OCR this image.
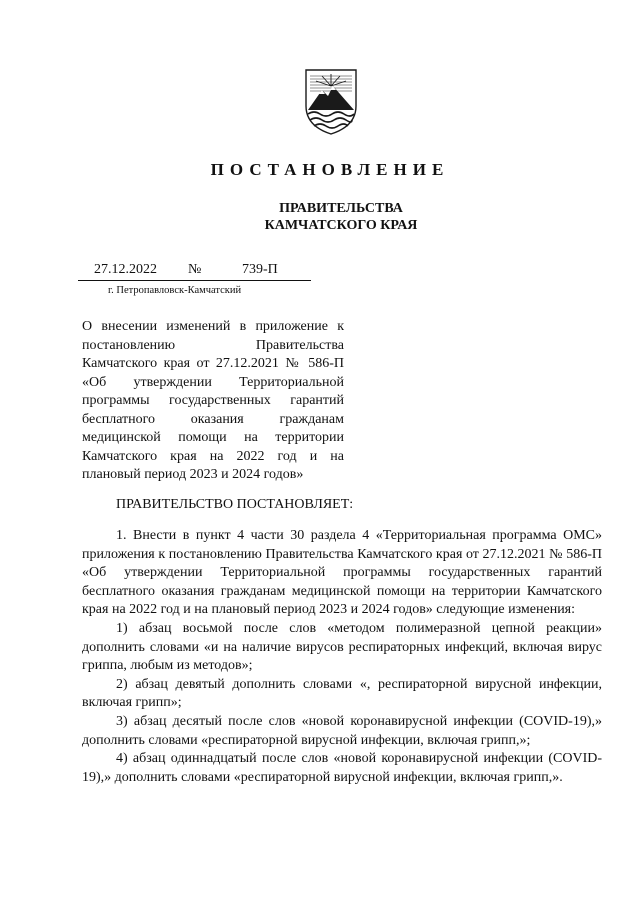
ПОСТАНОВЛЕНИЕ
ПРАВИТЕЛЬСТВА
КАМЧАТСКОГО КРАЯ
27.12.2022 №	739-П
г. Петропавловск-Камчатский

О внесении изменений в приложение к постановлению Правительства Камчатского края от 27.12.2021 № 586-П «Об утверждении Территориальной программы государственных гарантий бесплатного оказания гражданам медицинской помощи на территории Камчатского края на 2022 год и на плановый период 2023 и 2024 годов»

ПРАВИТЕЛЬСТВО ПОСТАНОВЛЯЕТ:

1. Внести в пункт 4 части 30 раздела 4 «Территориальная программа ОМС» приложения к постановлению Правительства Камчатского края от 27.12.2021 № 586-П «Об утверждении Территориальной программы государственных гарантий бесплатного оказания гражданам медицинской помощи на территории Камчатского края на 2022 год и на плановый период 2023 и 2024 годов» следующие изменения:

1) абзац восьмой после слов «методом полимеразной цепной реакции» дополнить словами «и на наличие вирусов респираторных инфекций, включая вирус гриппа, любым из методов»;

2) абзац девятый дополнить словами «, респираторной вирусной инфекции, включая грипп»;

3) абзац десятый после слов «новой коронавирусной инфекции (COVID-19),» дополнить словами «респираторной вирусной инфекции, включая грипп,»;

4) абзац одиннадцатый после слов «новой коронавирусной инфекции (COVID-19),» дополнить словами «респираторной вирусной инфекции, включая грипп,».
